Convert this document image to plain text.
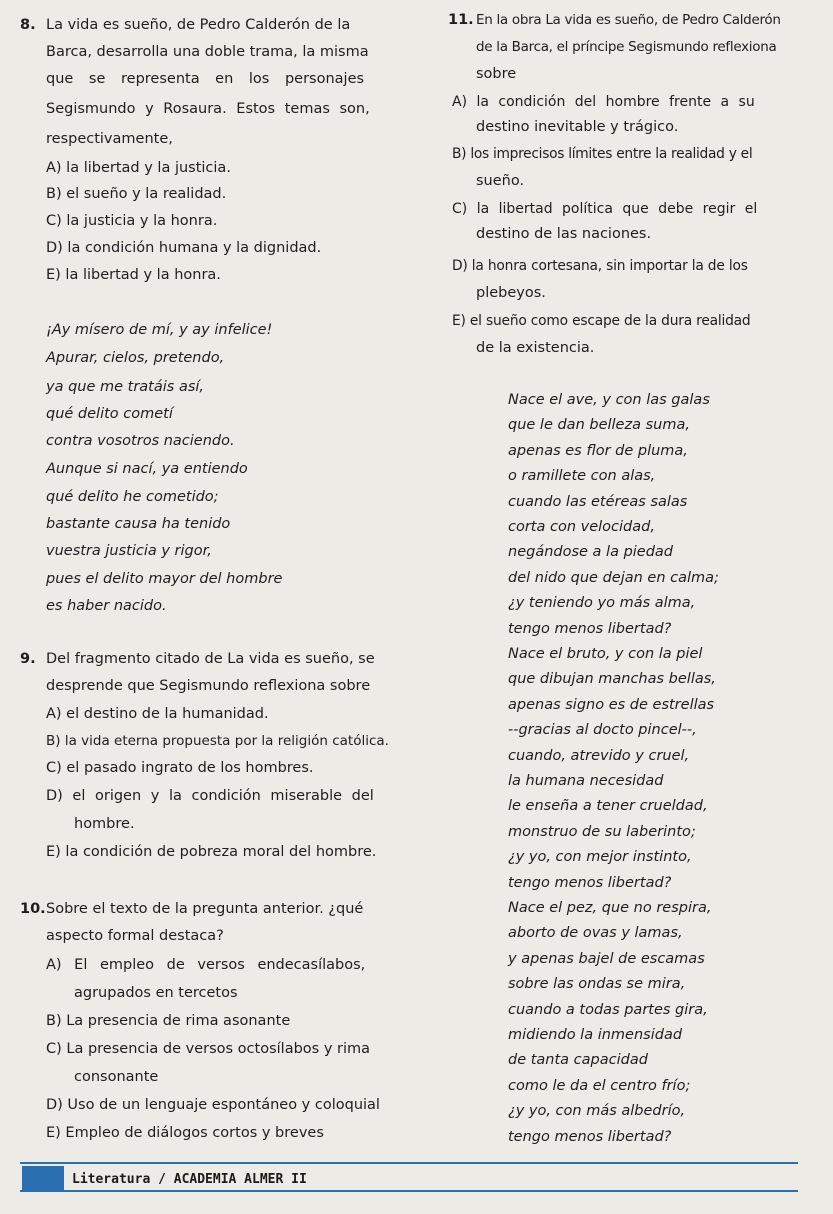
8. La vida es sueño, de Pedro Calderón de la
Barca, desarrolla una doble trama, la misma
que se representa en los personajes
Segismundo y Rosaura. Estos temas son,
respectivamente,
A) la libertad y la justicia.
B) el sueño y la realidad.
C) la justicia y la honra.
D) la condición humana y la dignidad.
E) la libertad y la honra.
¡Ay mísero de mí, y ay infelice!
Apurar, cielos, pretendo,
ya que me tratáis así,
qué delito cometí
contra vosotros naciendo.
Aunque si nací, ya entiendo
qué delito he cometido;
bastante causa ha tenido
vuestra justicia y rigor,
pues el delito mayor del hombre
es haber nacido.
9. Del fragmento citado de La vida es sueño, se
desprende que Segismundo reflexiona sobre
A) el destino de la humanidad.
B) la vida eterna propuesta por la religión católica.
C) el pasado ingrato de los hombres.
D) el origen y la condición miserable del
hombre.
E) la condición de pobreza moral del hombre.
10. Sobre el texto de la pregunta anterior. ¿qué
aspecto formal destaca?
A) El empleo de versos endecasílabos,
agrupados en tercetos
B) La presencia de rima asonante
C) La presencia de versos octosílabos y rima
consonante
D) Uso de un lenguaje espontáneo y coloquial
E) Empleo de diálogos cortos y breves
11. En la obra La vida es sueño, de Pedro Calderón
de la Barca, el príncipe Segismundo reflexiona
sobre
A) la condición del hombre frente a su
destino inevitable y trágico.
B) los imprecisos límites entre la realidad y el
sueño.
C) la libertad política que debe regir el
destino de las naciones.
D) la honra cortesana, sin importar la de los
plebeyos.
E) el sueño como escape de la dura realidad
de la existencia.
Nace el ave, y con las galas
que le dan belleza suma,
apenas es flor de pluma,
o ramillete con alas,
cuando las etéreas salas
corta con velocidad,
negándose a la piedad
del nido que dejan en calma;
¿y teniendo yo más alma,
tengo menos libertad?
Nace el bruto, y con la piel
que dibujan manchas bellas,
apenas signo es de estrellas
--gracias al docto pincel--,
cuando, atrevido y cruel,
la humana necesidad
le enseña a tener crueldad,
monstruo de su laberinto;
¿y yo, con mejor instinto,
tengo menos libertad?
Nace el pez, que no respira,
aborto de ovas y lamas,
y apenas bajel de escamas
sobre las ondas se mira,
cuando a todas partes gira,
midiendo la inmensidad
de tanta capacidad
como le da el centro frío;
¿y yo, con más albedrío,
tengo menos libertad?
Literatura / ACADEMIA ALMER II
